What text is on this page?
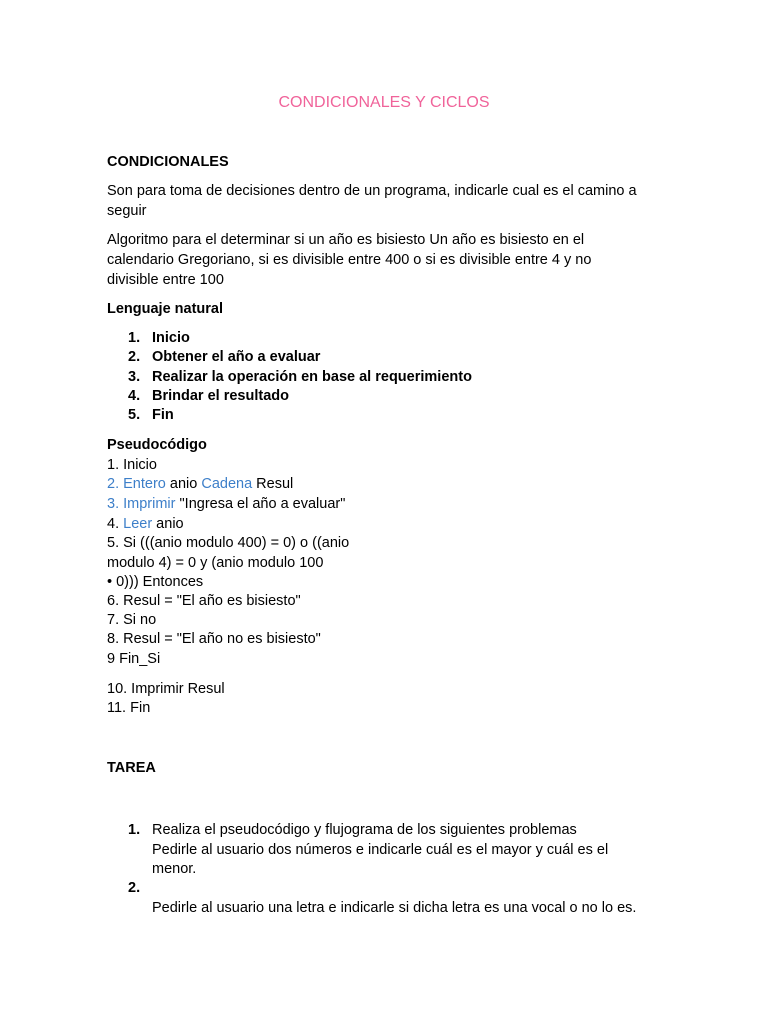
CONDICIONALES Y CICLOS
CONDICIONALES
Son para toma de decisiones dentro de un programa, indicarle cual es el camino a
seguir
Algoritmo para el determinar si un año es bisiesto Un año es bisiesto en el
calendario Gregoriano, si es divisible entre 400 o si es divisible entre 4 y no
divisible entre 100
Lenguaje natural
1. Inicio
2. Obtener el año a evaluar
3. Realizar la operación en base al requerimiento
4. Brindar el resultado
5. Fin
Pseudocódigo
1. Inicio
2. Entero anio Cadena Resul
3. Imprimir "Ingresa el año a evaluar"
4. Leer anio
5. Si (((anio modulo 400) = 0) o ((anio
modulo 4) = 0 y (anio modulo 100
• 0))) Entonces
6. Resul = "El año es bisiesto"
7. Si no
8. Resul = "El año no es bisiesto"
9 Fin_Si
10. Imprimir Resul
11. Fin
TAREA
1. Realiza el pseudocódigo y flujograma de los siguientes problemas
Pedirle al usuario dos números e indicarle cuál es el mayor y cuál es el
menor.
2.
Pedirle al usuario una letra e indicarle si dicha letra es una vocal o no lo es.
